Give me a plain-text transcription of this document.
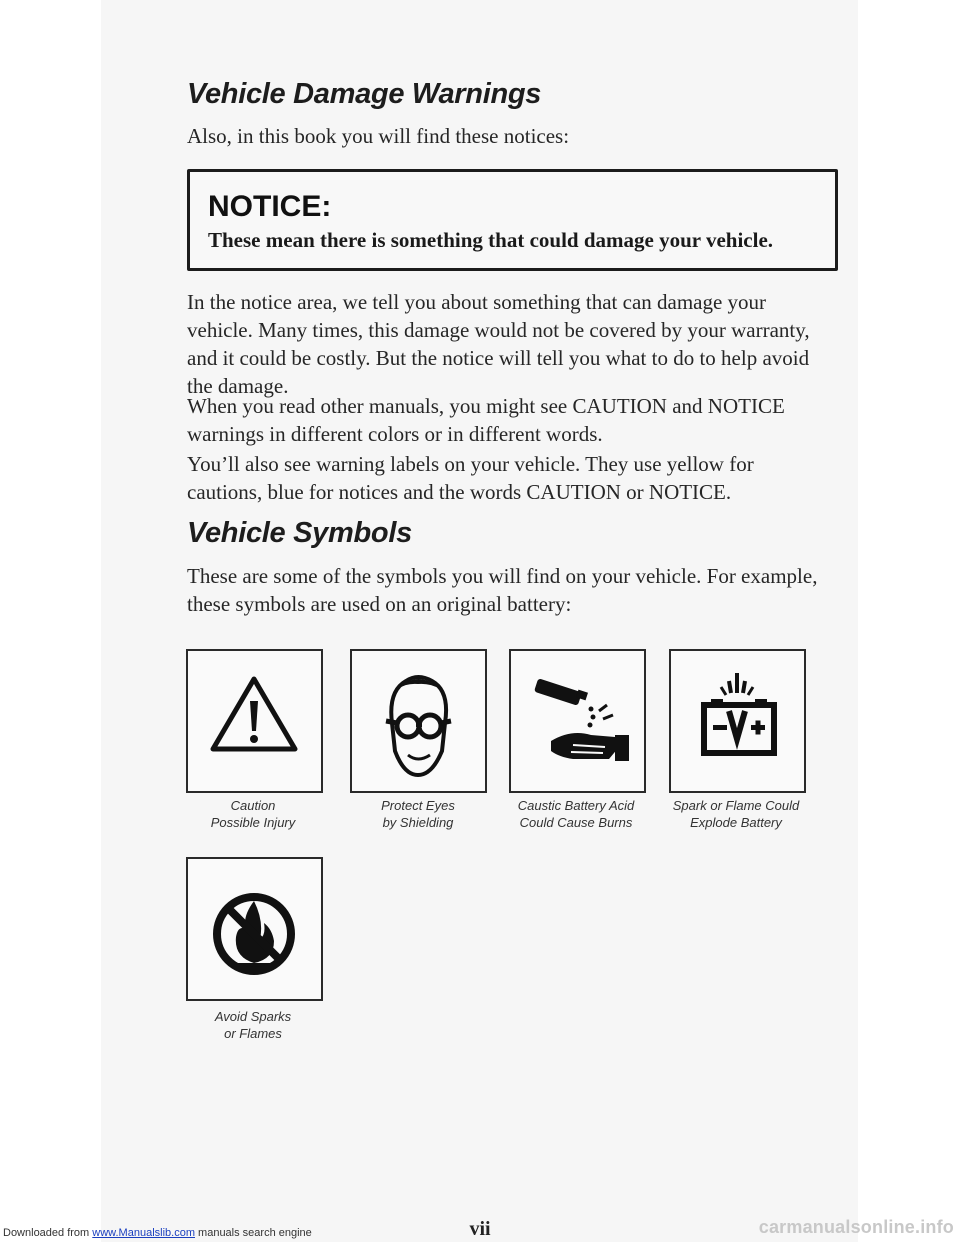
Vehicle Damage Warnings

Also, in this book you will find these notices:

NOTICE:

These mean there is something that could damage your vehicle.

In the notice area, we tell you about something that can damage your vehicle. Many times, this damage would not be covered by your warranty, and it could be costly. But the notice will tell you what to do to help avoid the damage.

When you read other manuals, you might see CAUTION and NOTICE warnings in different colors or in different words.

You’ll also see warning labels on your vehicle. They use yellow for cautions, blue for notices and the words CAUTION or NOTICE.

Vehicle Symbols

These are some of the symbols you will find on your vehicle. For example, these symbols are used on an original battery:

Caution
Possible Injury
Protect Eyes
by Shielding
Caustic Battery Acid
Could Cause Burns
Spark or Flame Could
Explode Battery
Avoid Sparks
or Flames
vii
Downloaded from www.Manualslib.com manuals search engine	carmanualsonline.info
